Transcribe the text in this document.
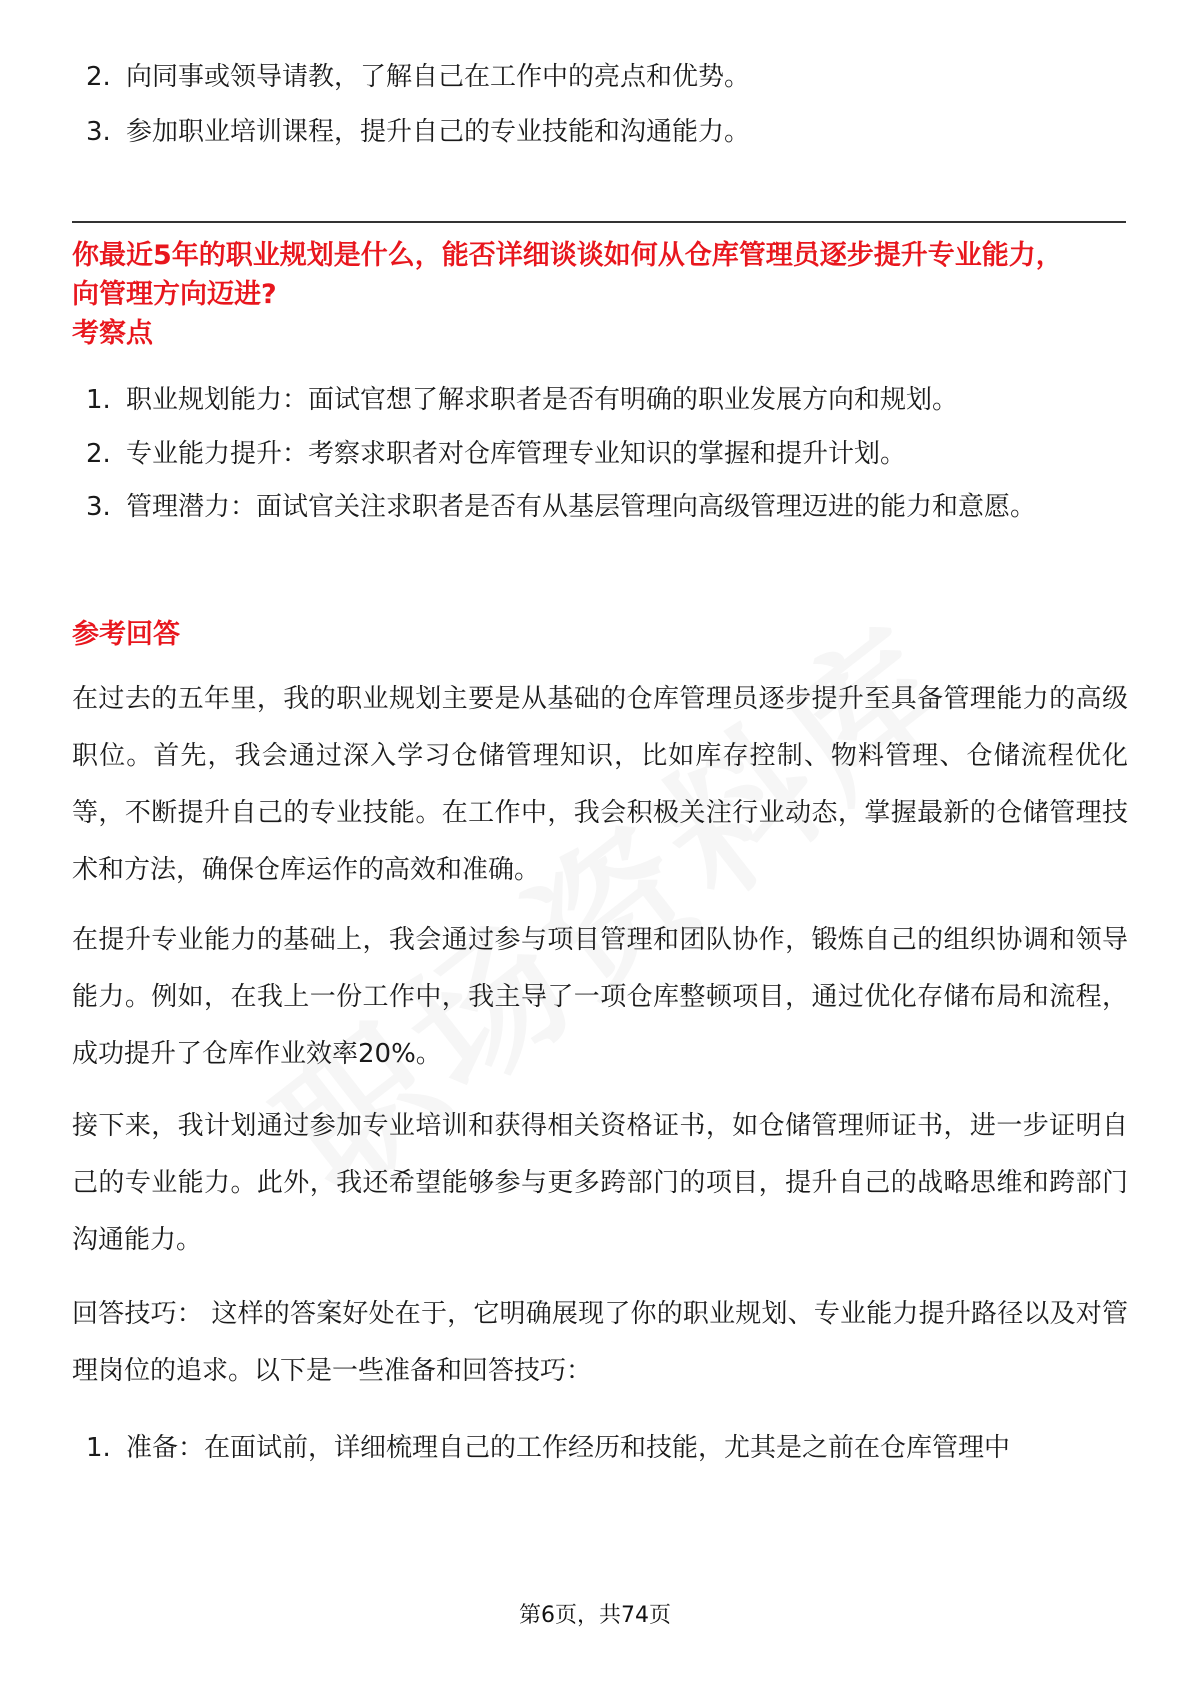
2. 向同事或领导请教，了解自己在工作中的亮点和优势。
3. 参加职业培训课程，提升自己的专业技能和沟通能力。
你最近5年的职业规划是什么，能否详细谈谈如何从仓库管理员逐步提升专业能力，向管理方向迈进?
考察点
1. 职业规划能力：面试官想了解求职者是否有明确的职业发展方向和规划。
2. 专业能力提升：考察求职者对仓库管理专业知识的掌握和提升计划。
3. 管理潜力：面试官关注求职者是否有从基层管理向高级管理迈进的能力和意愿。
参考回答
在过去的五年里，我的职业规划主要是从基础的仓库管理员逐步提升至具备管理能力的高级职位。首先，我会通过深入学习仓储管理知识，比如库存控制、物料管理、仓储流程优化等，不断提升自己的专业技能。在工作中，我会积极关注行业动态，掌握最新的仓储管理技术和方法，确保仓库运作的高效和准确。
在提升专业能力的基础上，我会通过参与项目管理和团队协作，锻炼自己的组织协调和领导能力。例如，在我上一份工作中，我主导了一项仓库整顿项目，通过优化存储布局和流程，成功提升了仓库作业效率20%。
接下来，我计划通过参加专业培训和获得相关资格证书，如仓储管理师证书，进一步证明自己的专业能力。此外，我还希望能够参与更多跨部门的项目，提升自己的战略思维和跨部门沟通能力。
回答技巧： 这样的答案好处在于，它明确展现了你的职业规划、专业能力提升路径以及对管理岗位的追求。以下是一些准备和回答技巧：
1. 准备：在面试前，详细梳理自己的工作经历和技能，尤其是之前在仓库管理中
第6页，共74页
